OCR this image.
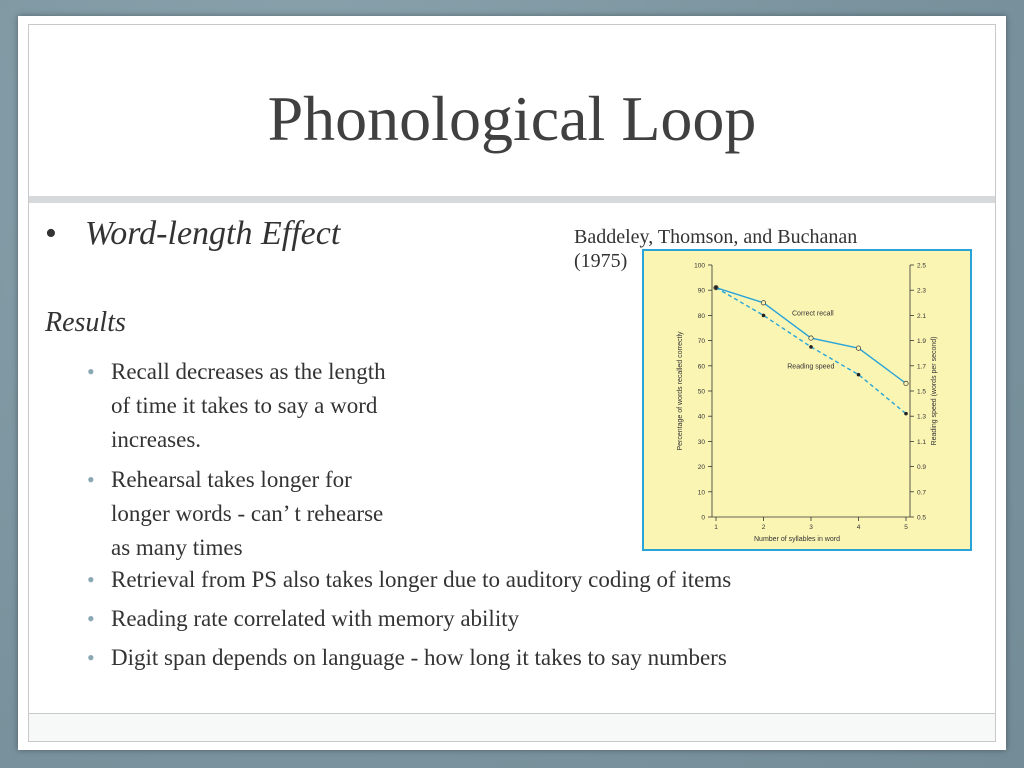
Phonological Loop
• Word-length Effect	Baddeley, Thomson, and Buchanan
(1975)
Results
• Recall decreases as the length
of time it takes to say a word
increases.
• Rehearsal takes longer for
longer words - can’ t rehearse
as many times
• Retrieval from PS also takes longer due to auditory coding of items
• Reading rate correlated with memory ability
• Digit span depends on language - how long it takes to say numbers
0
10
20
30
40
50
60
70
80
90
100
0.5
0.7
0.9
1.1
1.3
1.5
1.7
1.9
2.1
2.3
2.5
1	2	3	4	5
Number of syllables in word
Percentage of words recalled correctly	Reading speed (words per second)
Correct recall
Reading speed
